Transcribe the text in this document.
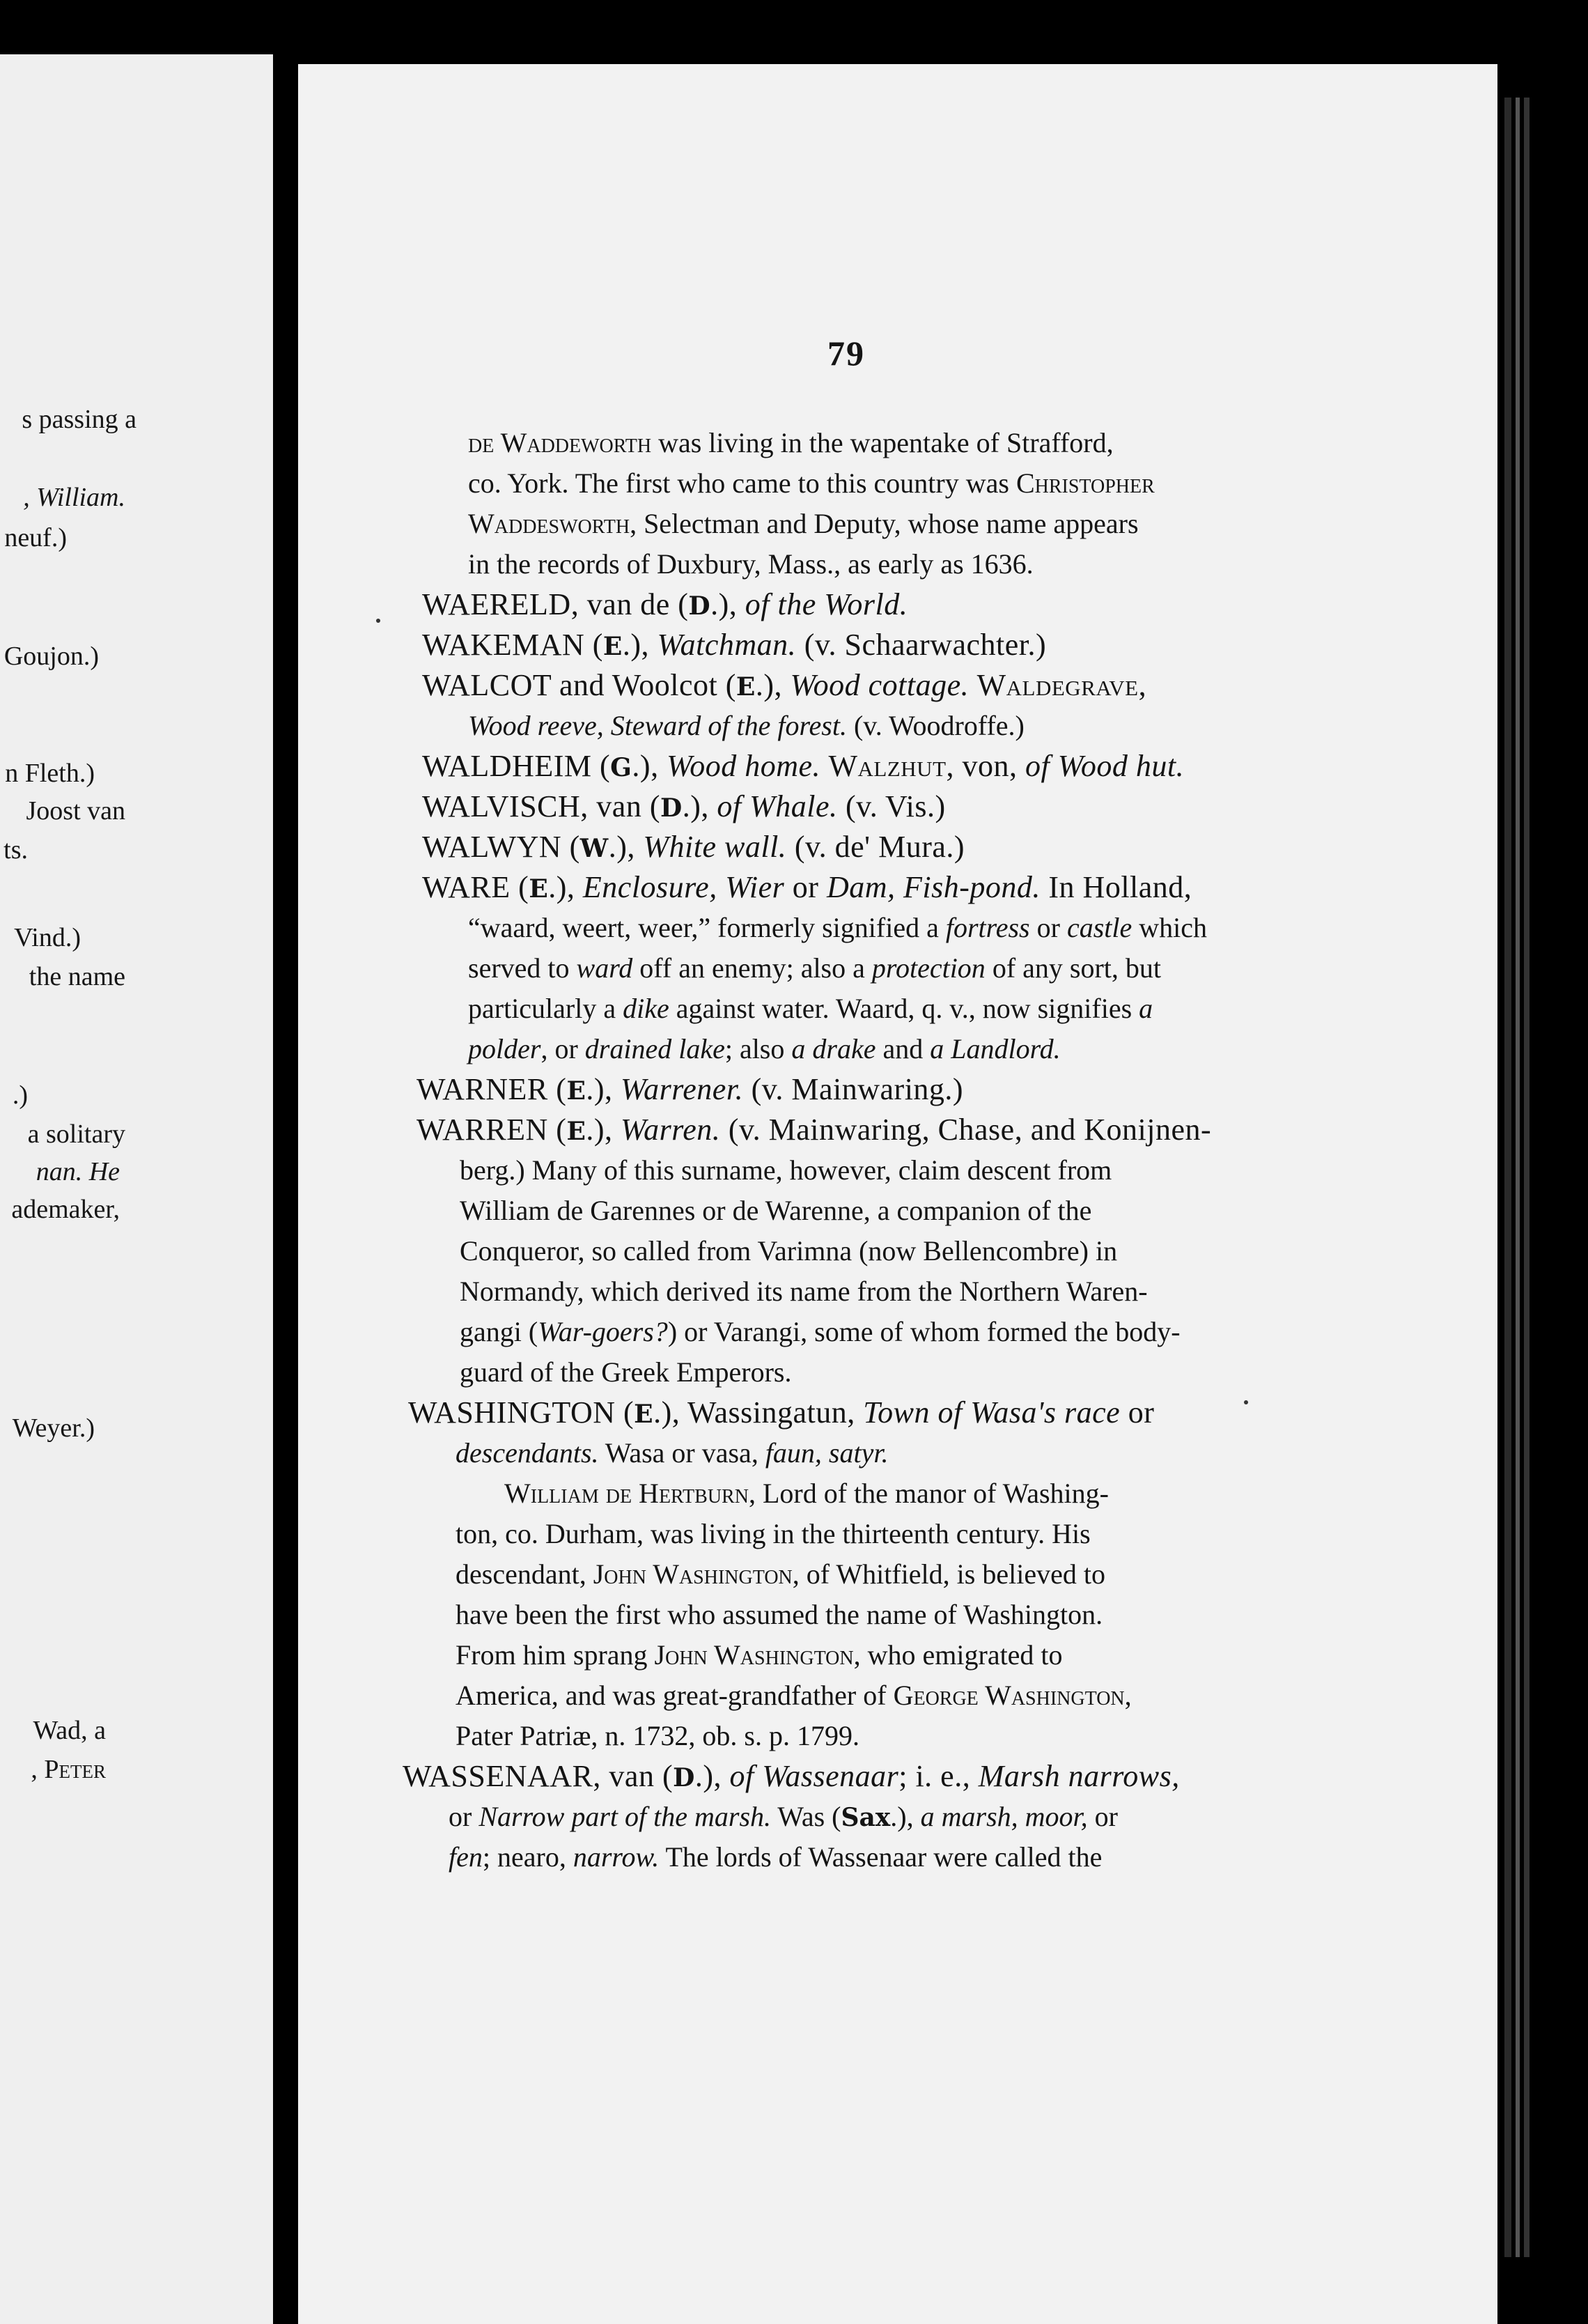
s passing a
, William.
neuf.)
Goujon.)
n Fleth.)
Joost van
ts.
Vind.)
the name
.)
a solitary
nan. He
ademaker,
Weyer.)
Wad, a
, Peter
79
de Waddeworth was living in the wapentake of Strafford,
co. York. The first who came to this country was Christopher
Waddesworth, Selectman and Deputy, whose name appears
in the records of Duxbury, Mass., as early as 1636.
WAERELD, van de (D.), of the World.
WAKEMAN (E.), Watchman. (v. Schaarwachter.)
WALCOT and Woolcot (E.), Wood cottage. Waldegrave,
Wood reeve, Steward of the forest. (v. Woodroffe.)
WALDHEIM (G.), Wood home. Walzhut, von, of Wood hut.
WALVISCH, van (D.), of Whale. (v. Vis.)
WALWYN (W.), White wall. (v. de' Mura.)
WARE (E.), Enclosure, Wier or Dam, Fish-pond. In Holland,
“waard, weert, weer,” formerly signified a fortress or castle which
served to ward off an enemy; also a protection of any sort, but
particularly a dike against water. Waard, q. v., now signifies a
polder, or drained lake; also a drake and a Landlord.
WARNER (E.), Warrener. (v. Mainwaring.)
WARREN (E.), Warren. (v. Mainwaring, Chase, and Konijnen-
berg.) Many of this surname, however, claim descent from
William de Garennes or de Warenne, a companion of the
Conqueror, so called from Varimna (now Bellencombre) in
Normandy, which derived its name from the Northern Waren-
gangi (War-goers?) or Varangi, some of whom formed the body-
guard of the Greek Emperors.
WASHINGTON (E.), Wassingatun, Town of Wasa's race or
descendants. Wasa or vasa, faun, satyr.
William de Hertburn, Lord of the manor of Washing-
ton, co. Durham, was living in the thirteenth century. His
descendant, John Washington, of Whitfield, is believed to
have been the first who assumed the name of Washington.
From him sprang John Washington, who emigrated to
America, and was great-grandfather of George Washington,
Pater Patriæ, n. 1732, ob. s. p. 1799.
WASSENAAR, van (D.), of Wassenaar; i. e., Marsh narrows,
or Narrow part of the marsh. Was (Sax.), a marsh, moor, or
fen; nearo, narrow. The lords of Wassenaar were called the
